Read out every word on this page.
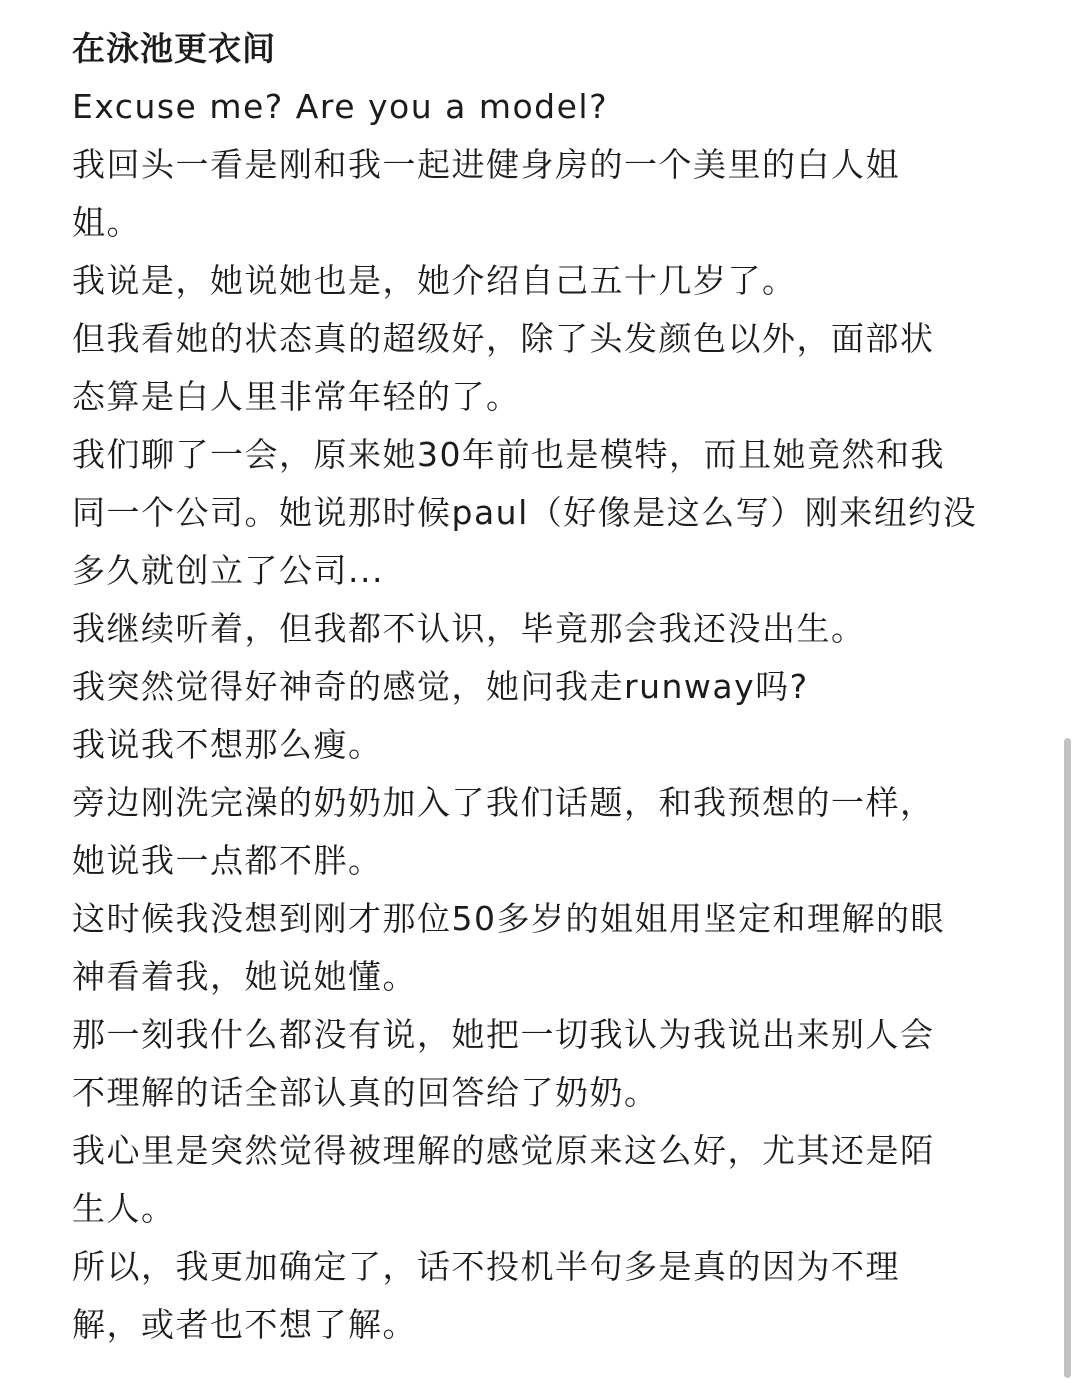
在泳池更衣间
Excuse me? Are you a model?
我回头一看是刚和我一起进健身房的一个美里的白人姐
姐。
我说是，她说她也是，她介绍自己五十几岁了。
但我看她的状态真的超级好，除了头发颜色以外，面部状
态算是白人里非常年轻的了。
我们聊了一会，原来她30年前也是模特，而且她竟然和我
同一个公司。她说那时候paul（好像是这么写）刚来纽约没
多久就创立了公司...
我继续听着，但我都不认识，毕竟那会我还没出生。
我突然觉得好神奇的感觉，她问我走runway吗?
我说我不想那么瘦。
旁边刚洗完澡的奶奶加入了我们话题，和我预想的一样，
她说我一点都不胖。
这时候我没想到刚才那位50多岁的姐姐用坚定和理解的眼
神看着我，她说她懂。
那一刻我什么都没有说，她把一切我认为我说出来别人会
不理解的话全部认真的回答给了奶奶。
我心里是突然觉得被理解的感觉原来这么好，尤其还是陌
生人。
所以，我更加确定了，话不投机半句多是真的因为不理
解，或者也不想了解。
